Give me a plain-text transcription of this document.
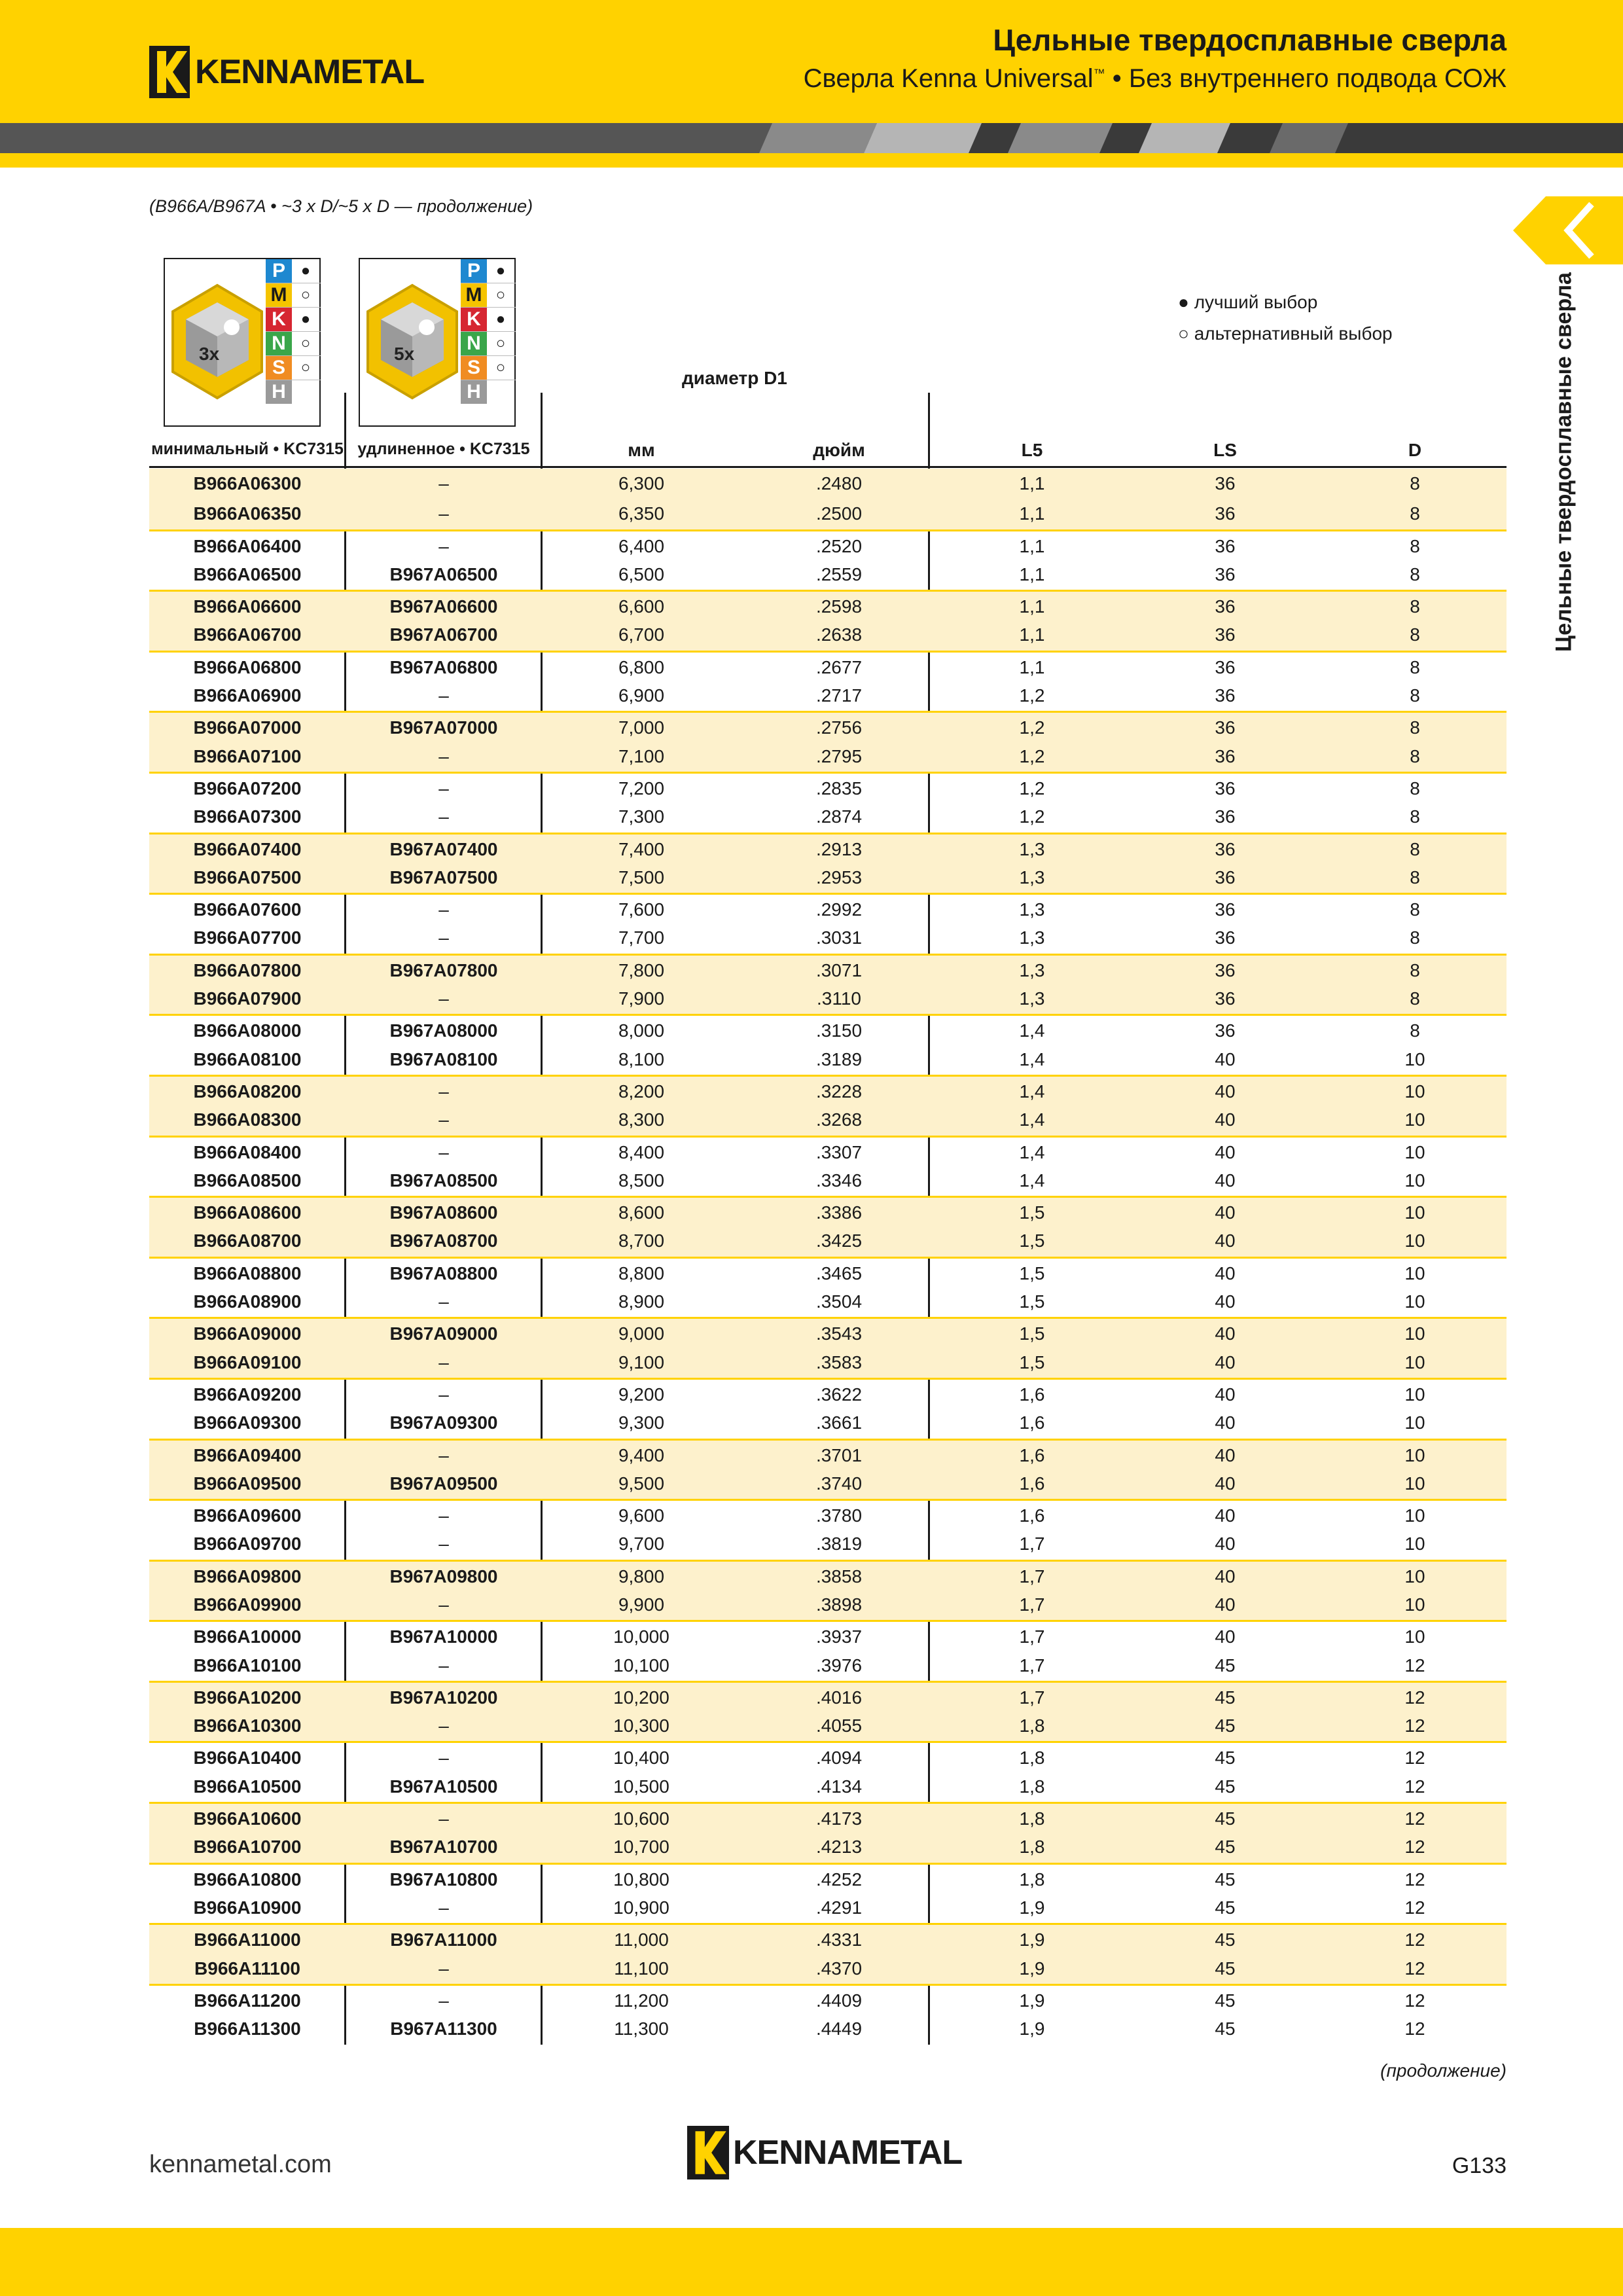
KENNAMETAL
Цельные твердосплавные сверла
Сверла Kenna Universal™ • Без внутреннего подвода СОЖ
Цельные твердосплавные сверла
(B966A/B967A • ~3 x D/~5 x D — продолжение)
3x
P ●
M ○
K ●
N ○
S ○
H
5x
P ●
M ○
K ●
N ○
S ○
H
● лучший выбор
○ альтернативный выбор
диаметр D1
минимальный • KC7315 удлиненное • KC7315	мм	дюйм	L5	LS	D
B966A06300	–	6,300	.2480	1,1	36	8
B966A06350	–	6,350	.2500	1,1	36	8
B966A06400	–	6,400	.2520	1,1	36	8
B966A06500	B967A06500	6,500	.2559	1,1	36	8
B966A06600	B967A06600	6,600	.2598	1,1	36	8
B966A06700	B967A06700	6,700	.2638	1,1	36	8
B966A06800	B967A06800	6,800	.2677	1,1	36	8
B966A06900	–	6,900	.2717	1,2	36	8
B966A07000	B967A07000	7,000	.2756	1,2	36	8
B966A07100	–	7,100	.2795	1,2	36	8
B966A07200	–	7,200	.2835	1,2	36	8
B966A07300	–	7,300	.2874	1,2	36	8
B966A07400	B967A07400	7,400	.2913	1,3	36	8
B966A07500	B967A07500	7,500	.2953	1,3	36	8
B966A07600	–	7,600	.2992	1,3	36	8
B966A07700	–	7,700	.3031	1,3	36	8
B966A07800	B967A07800	7,800	.3071	1,3	36	8
B966A07900	–	7,900	.3110	1,3	36	8
B966A08000	B967A08000	8,000	.3150	1,4	36	8
B966A08100	B967A08100	8,100	.3189	1,4	40	10
B966A08200	–	8,200	.3228	1,4	40	10
B966A08300	–	8,300	.3268	1,4	40	10
B966A08400	–	8,400	.3307	1,4	40	10
B966A08500	B967A08500	8,500	.3346	1,4	40	10
B966A08600	B967A08600	8,600	.3386	1,5	40	10
B966A08700	B967A08700	8,700	.3425	1,5	40	10
B966A08800	B967A08800	8,800	.3465	1,5	40	10
B966A08900	–	8,900	.3504	1,5	40	10
B966A09000	B967A09000	9,000	.3543	1,5	40	10
B966A09100	–	9,100	.3583	1,5	40	10
B966A09200	–	9,200	.3622	1,6	40	10
B966A09300	B967A09300	9,300	.3661	1,6	40	10
B966A09400	–	9,400	.3701	1,6	40	10
B966A09500	B967A09500	9,500	.3740	1,6	40	10
B966A09600	–	9,600	.3780	1,6	40	10
B966A09700	–	9,700	.3819	1,7	40	10
B966A09800	B967A09800	9,800	.3858	1,7	40	10
B966A09900	–	9,900	.3898	1,7	40	10
B966A10000	B967A10000	10,000	.3937	1,7	40	10
B966A10100	–	10,100	.3976	1,7	45	12
B966A10200	B967A10200	10,200	.4016	1,7	45	12
B966A10300	–	10,300	.4055	1,8	45	12
B966A10400	–	10,400	.4094	1,8	45	12
B966A10500	B967A10500	10,500	.4134	1,8	45	12
B966A10600	–	10,600	.4173	1,8	45	12
B966A10700	B967A10700	10,700	.4213	1,8	45	12
B966A10800	B967A10800	10,800	.4252	1,8	45	12
B966A10900	–	10,900	.4291	1,9	45	12
B966A11000	B967A11000	11,000	.4331	1,9	45	12
B966A11100	–	11,100	.4370	1,9	45	12
B966A11200	–	11,200	.4409	1,9	45	12
B966A11300	B967A11300	11,300	.4449	1,9	45	12
(продолжение)
kennametal.com	KENNAMETAL	G133
